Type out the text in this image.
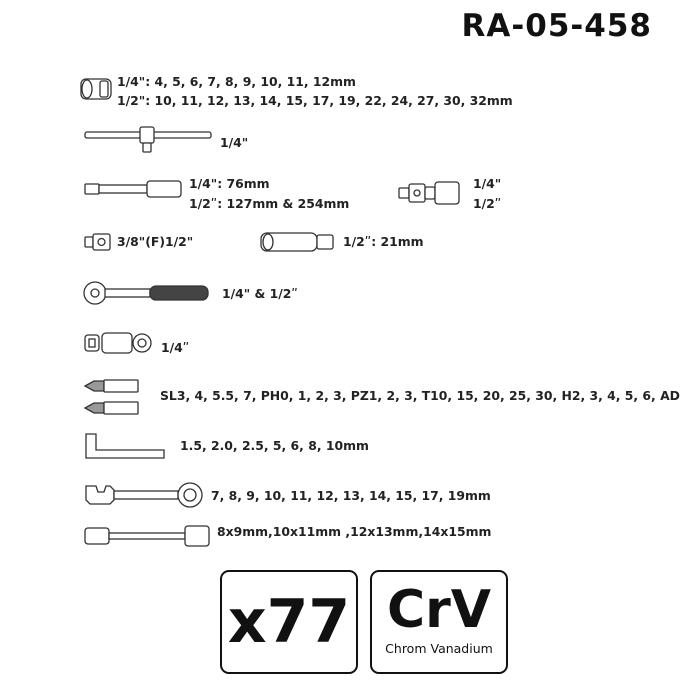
RA-05-458
1/4": 4, 5, 6, 7, 8, 9, 10, 11, 12mm
1/2": 10, 11, 12, 13, 14, 15, 17, 19, 22, 24, 27, 30, 32mm
1/4"
1/4": 76mm
1/2ʺ: 127mm & 254mm
1/4"
1/2ʺ
3/8"(F)1/2"	1/2ʺ: 21mm
1/4" & 1/2ʺ
1/4ʺ
SL3, 4, 5.5, 7, PH0, 1, 2, 3, PZ1, 2, 3, T10, 15, 20, 25, 30, H2, 3, 4, 5, 6, AD
1.5, 2.0, 2.5, 5, 6, 8, 10mm
7, 8, 9, 10, 11, 12, 13, 14, 15, 17, 19mm
8x9mm,10x11mm ,12x13mm,14x15mm
x77 CrV
Chrom Vanadium
